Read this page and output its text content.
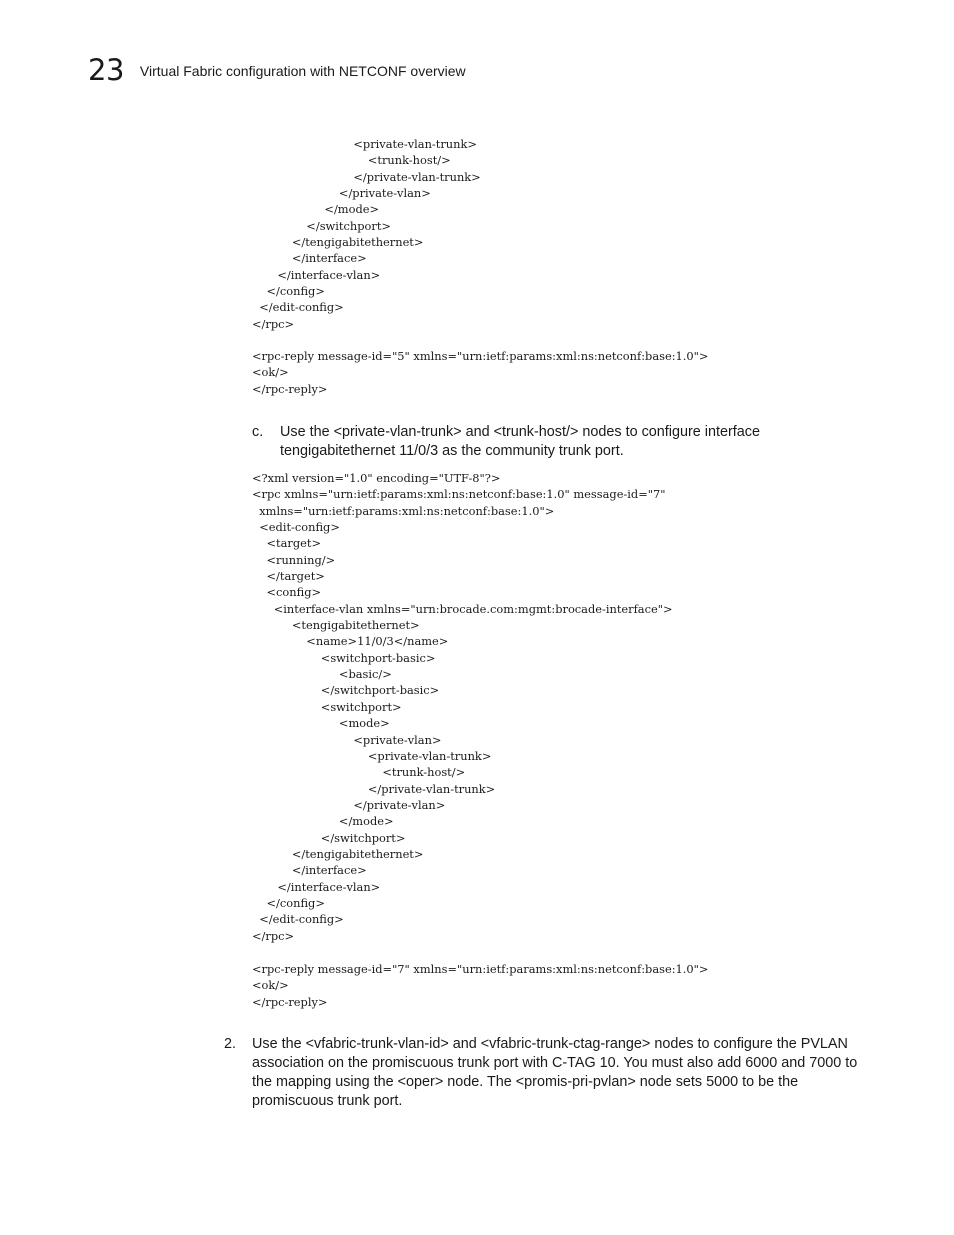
23 Virtual Fabric configuration with NETCONF overview
<private-vlan-trunk>
<trunk-host/>
</private-vlan-trunk>
</private-vlan>
</mode>
</switchport>
</tengigabitethernet>
</interface>
</interface-vlan>
</config>
</edit-config>
</rpc>
<rpc-reply message-id="5" xmlns="urn:ietf:params:xml:ns:netconf:base:1.0">
<ok/>
</rpc-reply>
c. Use the <private-vlan-trunk> and <trunk-host/> nodes to configure interface tengigabitethernet 11/0/3 as the community trunk port.
<?xml version="1.0" encoding="UTF-8"?>
<rpc xmlns="urn:ietf:params:xml:ns:netconf:base:1.0" message-id="7"
xmlns="urn:ietf:params:xml:ns:netconf:base:1.0">
<edit-config>
<target>
<running/>
</target>
<config>
<interface-vlan xmlns="urn:brocade.com:mgmt:brocade-interface">
<tengigabitethernet>
<name>11/0/3</name>
<switchport-basic>
<basic/>
</switchport-basic>
<switchport>
<mode>
<private-vlan>
<private-vlan-trunk>
<trunk-host/>
</private-vlan-trunk>
</private-vlan>
</mode>
</switchport>
</tengigabitethernet>
</interface>
</interface-vlan>
</config>
</edit-config>
</rpc>
<rpc-reply message-id="7" xmlns="urn:ietf:params:xml:ns:netconf:base:1.0">
<ok/>
</rpc-reply>
2. Use the <vfabric-trunk-vlan-id> and <vfabric-trunk-ctag-range> nodes to configure the PVLAN association on the promiscuous trunk port with C-TAG 10. You must also add 6000 and 7000 to the mapping using the <oper> node. The <promis-pri-pvlan> node sets 5000 to be the promiscuous trunk port.
